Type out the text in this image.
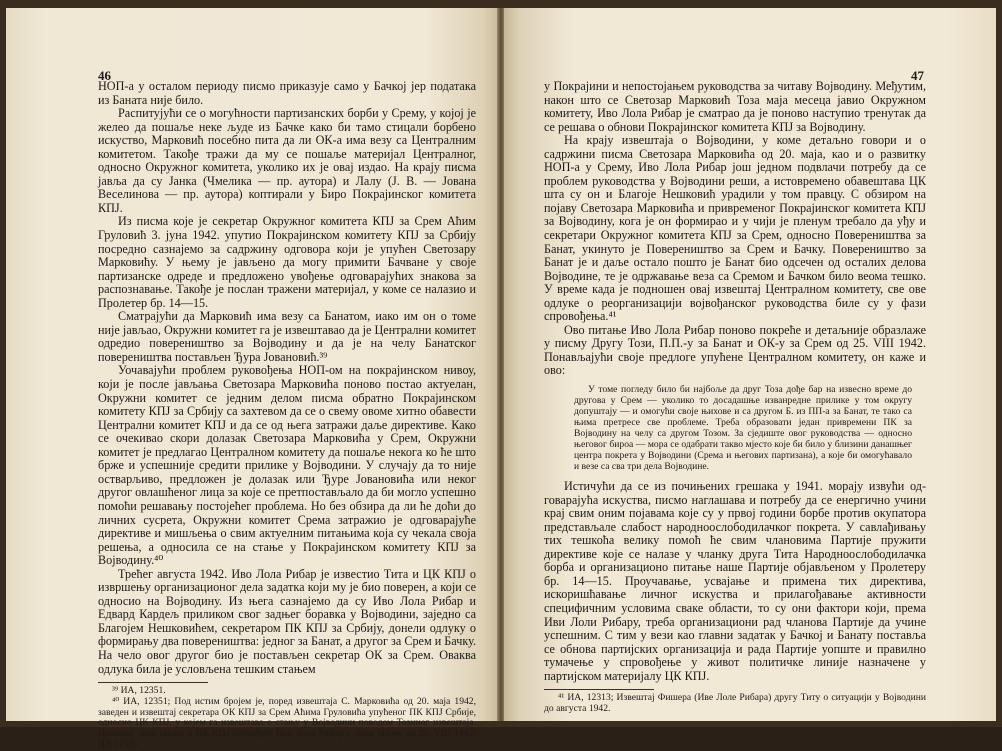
46

НОП-а у осталом периоду писмо приказује само у Бачкој јер података из Баната није било.

Распитујући се о могућности партизанских борби у Срему, у којој је желео да пошаље неке људе из Бачке како би тамо стицали борбено искуство, Марковић посебно пита да ли ОК-а има везу са Централним комитетом. Такође тражи да му се пошаље материјал Централног, односно Окружног комитета, уколико их је овај издао. На крају писма јавља да су Јанка (Чмелика — пр. аутора) и Лалу (J. В. — Јована Веселинова — пр. аутора) коптирали у Биро Покрајинског комитета КПЈ.

Из писма које је секретар Окружног комитета КПЈ за Срем Аћим Груловић 3. јуна 1942. упутио Покрајинском комитету КПЈ за Србију посредно сазнајемо за садржину одговора који је упућен Светозару Марковићу. У њему је јављено да могу примити Бачване у своје партизанске одреде и предложено увођење одговарајућих знакова за распознавање. Такође је послан тражени материјал, у коме се налазио и Пролетер бр. 14—15.

Сматрајући да Марковић има везу са Банатом, иако им он о томе није јављао, Окружни комитет га је извештавао да је Централни комитет одредио повереништво за Војводину и да је на челу Банатског повереништва постављен Ђура Јовановић.³⁹

Уочавајући проблем руковођења НОП-ом на покрајинском нивоу, који је после јављања Светозара Марковића поново постао актуелан, Окружни комитет се једним делом писма обратно Покрајинском комитету КПЈ за Србију са захтевом да се о свему овоме хитно обавести Централни комитет КПЈ и да се од њега затражи даље директиве. Како се очекивао скори долазак Светозара Марковића у Срем, Окружни комитет је предлагао Централном комитету да пошаље некога ко ће што брже и успешније средити прилике у Војводини. У случају да то није остварљиво, предложен је долазак или Ђуре Јовановића или неког другог овлашћеног лица за које се претпостављало да би могло успешно помоћи решавању постојећег проблема. Но без обзира да ли ће доћи до личних сусрета, Окружни комитет Срема затражио је одговарајуће директиве и мишљења о свим актуелним питањима која су чекала своја решења, а односила се на стање у Покрајинском комитету КПЈ за Војводину.⁴⁰

Трећег августа 1942. Иво Лола Рибар је известио Тита и ЦК КПЈ о извршењу организационог дела задатка који му је био поверен, а који се односио на Војводину. Из њега сазнајемо да су Иво Лола Рибар и Едвард Кардељ приликом свог задњег боравка у Војводини, заједно са Благојем Нешковићем, секретаром ПК КПЈ за Србију, донели одлуку о формирању два повереништва: једног за Банат, а другог за Срем и Бачку. На чело овог другог био је постављен секретар ОК за Срем. Оваква одлука била је условљена тешким стањем

³⁹ ИА, 12351.

⁴⁰ ИА, 12351; Под истим бројем је, поред извештаја С. Марковића од 20. маја 1942, заведен и извештај секретара ОК КПЈ за Срем Аћима Груловића упућеног ПК КПЈ Србије, односно ЦК КПЈ, у којем га извештава о стању у Војводини поводом Тозиног извештаја. Прилаже овог писма у ЦК КПЈ потврђује Иво Лола Рибар у свом писму од 25. VIII 1942; ИА 12141.

47

у Покрајини и непостојањем руководства за читаву Војводину. Међутим, након што се Светозар Марковић Тоза маја месеца јавио Окружном комитету, Иво Лола Рибар је сматрао да је поново наступио тренутак да се решава о обнови Покрајинског комитета КПЈ за Војводину.

На крају извештаја о Војводини, у коме детаљно говори и о садржини писма Светозара Марковића од 20. маја, као и о развитку НОП-а у Срему, Иво Лола Рибар још једном подвлачи потребу да се проблем руководства у Војводини реши, а истовремено обавештава ЦК шта су он и Благоје Нешковић урадили у том правцу. С обзиром на појаву Светозара Марковића и привременог Покрајинског комитета КПЈ за Војводину, кога је он формирао и у чији је пленум требало да уђу и секретари Окружног комитета КПЈ за Срем, односно Повереништва за Банат, укинуто је Повереништво за Срем и Бачку. Повереништво за Банат је и даље остало пошто је Банат био одсечен од осталих делова Војводине, те је одржавање веза са Сремом и Бачком било веома тешко. У време када је подношен овај извештај Централном комитету, све ове одлуке о реорганизацији војвођанског руководства биле су у фази спровођења.⁴¹

Ово питање Иво Лола Рибар поново покреће и детаљније образлаже у писму Другу Този, П.П.-у за Банат и ОК-у за Срем од 25. VIII 1942. Понављајући своје предлоге упућене Централном комитету, он каже и ово:

У томе погледу било би најбоље да друг Тоза дође бар на извесно време до другова у Срем — уколико то досадашње изванредне прилике у том округу допуштају — и омогући своје њихове и са другом Б. из ПП-а за Банат, те тако са њима претресе све проблеме. Треба образовати један привремени ПК за Војводину на челу са другом Тозом. За сједиште овог руководства — односно његовог бироа — мора се одабрати такво мјесто које би било у близини данашњег центра покрета у Војводини (Срема и његових партизана), а које би омогућавало и везе са сва три дела Војводине.

Истичући да се из почињених грешака у 1941. морају извући одговарајућа искуства, писмо наглашава и потребу да се енергично учини крај свим оним појавама које су у првој години борбе против окупатора представљале слабост народноослободилачког покрета. У савлађивању тих тешкоћа велику помоћ ће свим члановима Партије пружити директиве које се налазе у чланку друга Тита Народноослободилачка борба и организационо питање наше Партије објављеном у Пролетеру бр. 14—15. Проучавање, усвајање и примена тих директива, искоришћавање личног искуства и прилагођавање активности специфичним условима сваке области, то су они фактори који, према Иви Лоли Рибару, треба организациони рад чланова Партије да учине успешним. С тим у вези као главни задатак у Бачкој и Банату постављa се обнова партијских организација и рада Партије уопште и правилно тумачење у спровођење у живот политичке линије назначене у партијском материјалу ЦК КПЈ.

⁴¹ ИА, 12313; Извештај Фишера (Иве Лоле Рибара) другу Титу о ситуацији у Војводини до августа 1942.
